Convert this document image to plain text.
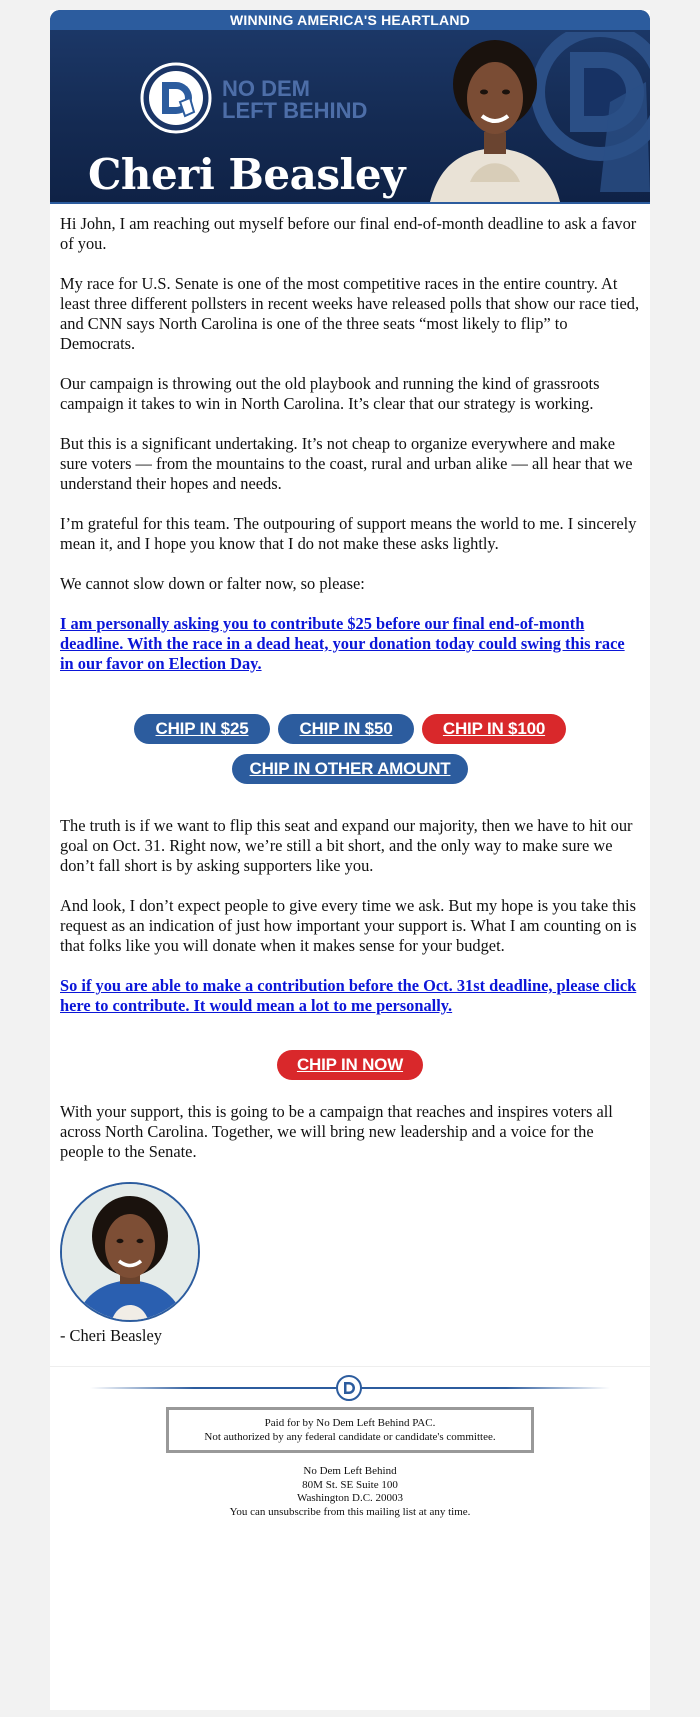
WINNING AMERICA'S HEARTLAND
NO DEM
LEFT BEHIND
Cheri Beasley

Hi John, I am reaching out myself before our final end-of-month deadline to ask a favor of you.

My race for U.S. Senate is one of the most competitive races in the entire country. At least three different pollsters in recent weeks have released polls that show our race tied, and CNN says North Carolina is one of the three seats “most likely to flip” to Democrats.

Our campaign is throwing out the old playbook and running the kind of grassroots campaign it takes to win in North Carolina. It’s clear that our strategy is working.

But this is a significant undertaking. It’s not cheap to organize everywhere and make sure voters — from the mountains to the coast, rural and urban alike — all hear that we understand their hopes and needs.

I’m grateful for this team. The outpouring of support means the world to me. I sincerely mean it, and I hope you know that I do not make these asks lightly.

We cannot slow down or falter now, so please:

I am personally asking you to contribute $25 before our final end-of-month deadline. With the race in a dead heat, your donation today could swing this race in our favor on Election Day.
CHIP IN $25	CHIP IN $50	CHIP IN $100
CHIP IN OTHER AMOUNT

The truth is if we want to flip this seat and expand our majority, then we have to hit our goal on Oct. 31. Right now, we’re still a bit short, and the only way to make sure we don’t fall short is by asking supporters like you.

And look, I don’t expect people to give every time we ask. But my hope is you take this request as an indication of just how important your support is. What I am counting on is that folks like you will donate when it makes sense for your budget.

So if you are able to make a contribution before the Oct. 31st deadline, please click here to contribute. It would mean a lot to me personally.
CHIP IN NOW

With your support, this is going to be a campaign that reaches and inspires voters all across North Carolina. Together, we will bring new leadership and a voice for the people to the Senate.

- Cheri Beasley
Paid for by No Dem Left Behind PAC.
Not authorized by any federal candidate or candidate's committee.
No Dem Left Behind
80M St. SE Suite 100
Washington D.C. 20003
You can unsubscribe from this mailing list at any time.
